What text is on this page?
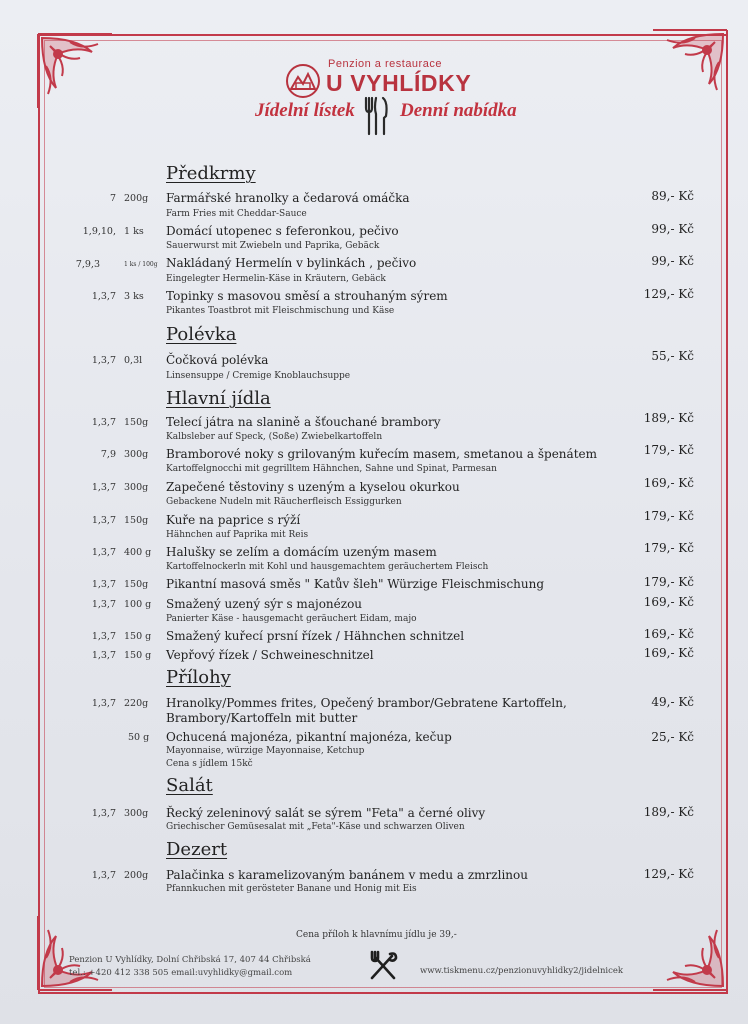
Penzion a restaurace
U VYHLÍDKY
Jídelní lístek Denní nabídka
Předkrmy
7 200g Farmářské hranolky a čedarová omáčka
Farm Fries mit Cheddar-Sauce
89,- Kč
1,9,10, 1 ks Domácí utopenec s feferonkou, pečivo
Sauerwurst mit Zwiebeln und Paprika, Gebäck
99,- Kč
7,9,3	1 ks / 100g Nakládaný Hermelín v bylinkách , pečivo
Eingelegter Hermelin-Käse in Kräutern, Gebäck
99,- Kč
1,3,7 3 ks Topinky s masovou směsí a strouhaným sýrem
Pikantes Toastbrot mit Fleischmischung und Käse
129,- Kč
Polévka
1,3,7 0,3l Čočková polévka
Linsensuppe / Cremige Knoblauchsuppe
55,- Kč
Hlavní jídla
1,3,7 150g Telecí játra na slanině a šťouchané brambory
Kalbsleber auf Speck, (Soße) Zwiebelkartoffeln
189,- Kč
7,9 300g Bramborové noky s grilovaným kuřecím masem, smetanou a špenátem
Kartoffelgnocchi mit gegrilltem Hähnchen, Sahne und Spinat, Parmesan
179,- Kč
1,3,7 300g Zapečené těstoviny s uzeným a kyselou okurkou
Gebackene Nudeln mit Räucherfleisch Essiggurken
169,- Kč
1,3,7 150g Kuře na paprice s rýží
Hähnchen auf Paprika mit Reis
179,- Kč
1,3,7 400 g Halušky se zelím a domácím uzeným masem
Kartoffelnockerln mit Kohl und hausgemachtem geräuchertem Fleisch
179,- Kč
1,3,7 150g Pikantní masová směs " Katův šleh" Würzige Fleischmischung	179,- Kč
1,3,7 100 g Smažený uzený sýr s majonézou
Panierter Käse - hausgemacht geräuchert Eidam, majo
169,- Kč
1,3,7 150 g Smažený kuřecí prsní řízek / Hähnchen schnitzel	169,- Kč
1,3,7 150 g Vepřový řízek / Schweineschnitzel	169,- Kč
Přílohy
1,3,7 220g Hranolky/Pommes frites, Opečený brambor/Gebratene Kartoffeln,
Brambory/Kartoffeln mit butter
49,- Kč
50 g Ochucená majonéza, pikantní majonéza, kečup
Mayonnaise, würzige Mayonnaise, Ketchup
Cena s jídlem 15kč
25,- Kč
Salát
1,3,7 300g Řecký zeleninový salát se sýrem "Feta" a černé olivy
Griechischer Gemüsesalat mit „Feta"-Käse und schwarzen Oliven
189,- Kč
Dezert
1,3,7 200g Palačinka s karamelizovaným banánem v medu a zmrzlinou
Pfannkuchen mit gerösteter Banane und Honig mit Eis
129,- Kč
Cena příloh k hlavnímu jídlu je 39,-
Penzion U Vyhlídky, Dolní Chřibská 17, 407 44 Chřibská
tel.: +420 412 338 505 email:uvyhlidky@gmail.com	www.tiskmenu.cz/penzionuvyhlidky2/jidelnicek
